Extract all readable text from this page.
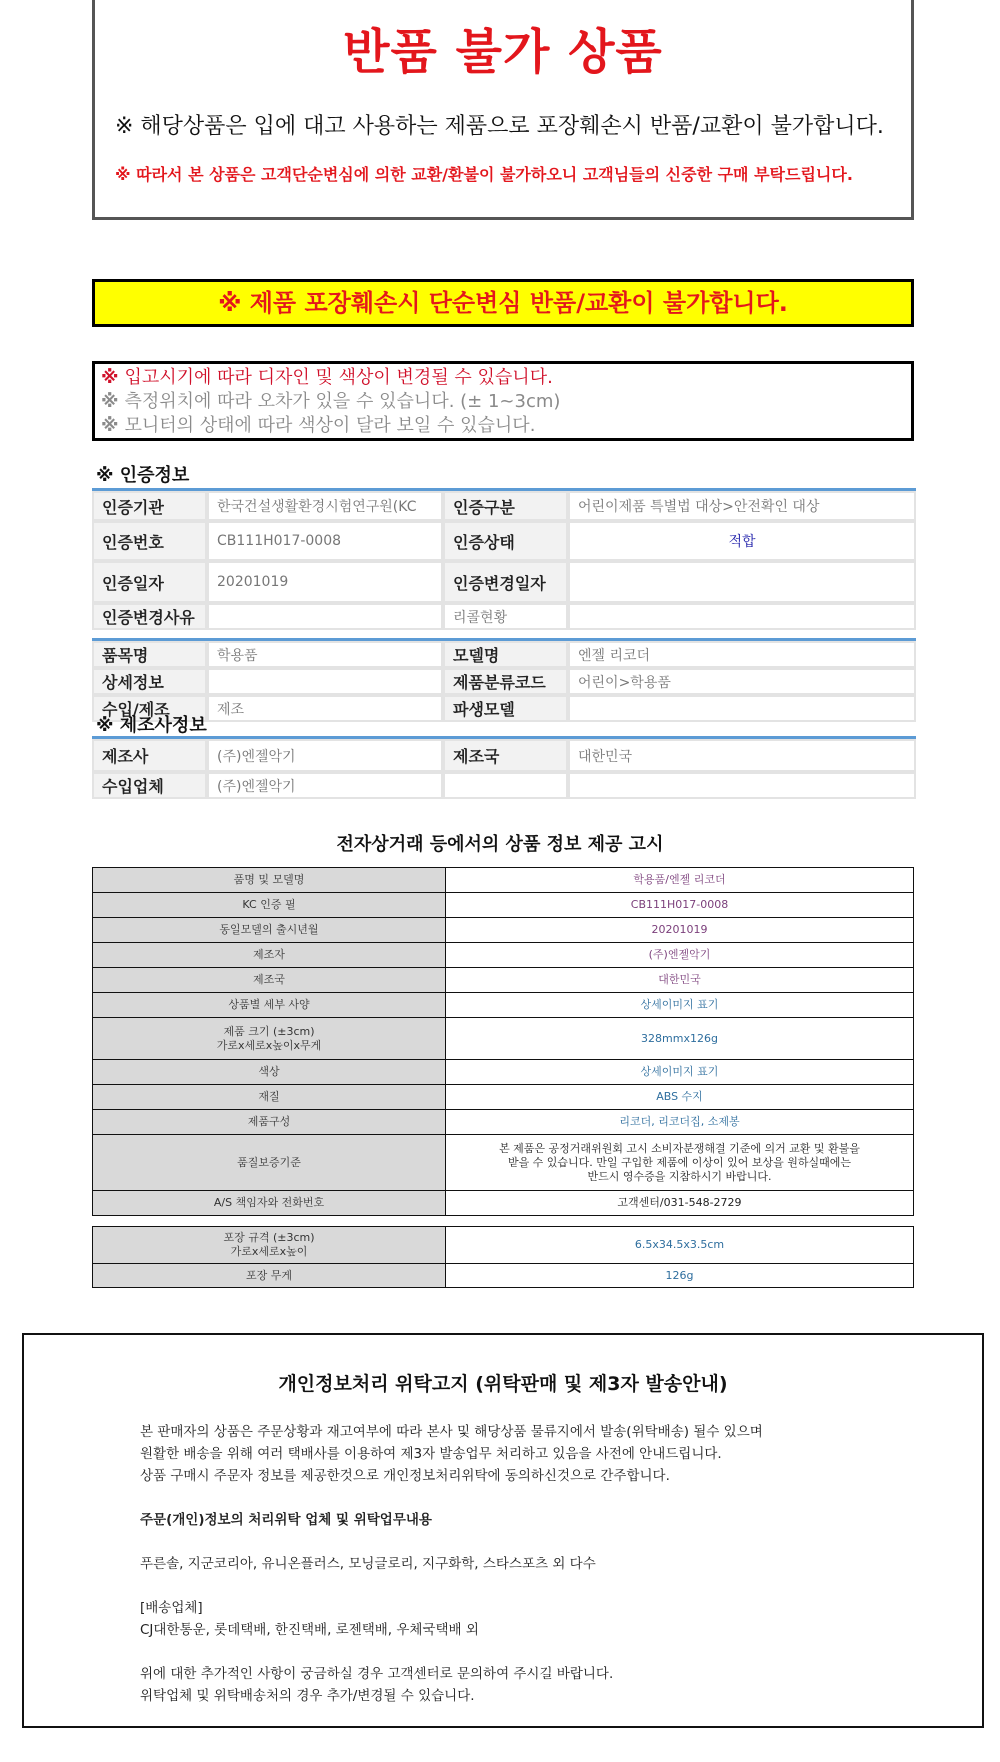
반품 불가 상품
※ 해당상품은 입에 대고 사용하는 제품으로 포장훼손시 반품/교환이 불가합니다.
※ 따라서 본 상품은 고객단순변심에 의한 교환/환불이 불가하오니 고객님들의 신중한 구매 부탁드립니다.
※ 제품 포장훼손시 단순변심 반품/교환이 불가합니다.
※ 입고시기에 따라 디자인 및 색상이 변경될 수 있습니다.
※ 측정위치에 따라 오차가 있을 수 있습니다. (± 1~3cm)
※ 모니터의 상태에 따라 색상이 달라 보일 수 있습니다.
※ 인증정보
인증기관	한국건설생활환경시험연구원(KC	인증구분	어린이제품 특별법 대상>안전확인 대상
인증번호	CB111H017-0008	인증상태	적합
인증일자	20201019	인증변경일자	
인증변경사유		리콜현황	
품목명	학용품	모델명	엔젤 리코더
상세정보		제품분류코드	어린이>학용품
수입/제조	제조	파생모델	
※ 제조사정보
제조사	(주)엔젤악기	제조국	대한민국
수입업체	(주)엔젤악기		
전자상거래 등에서의 상품 정보 제공 고시
품명 및 모델명	학용품/엔젤 리코더
KC 인증 필	CB111H017-0008
동일모델의 출시년월	20201019
제조자	(주)엔젤악기
제조국	대한민국
상품별 세부 사양	상세이미지 표기

제품 크기 (±3cm)
가로x세로x높이x무게	328mmx126g
색상	상세이미지 표기
재질	ABS 수지
제품구성	리코더, 리코더집, 소제봉
품질보증기준	본 제품은 공정거래위원회 고시 소비자분쟁해결 기준에 의거 교환 및 환불을
받을 수 있습니다. 만일 구입한 제품에 이상이 있어 보상을 원하실때에는
반드시 영수증을 지참하시기 바랍니다.

A/S 책임자와 전화번호	고객센터/031-548-2729
포장 규격 (±3cm)
가로x세로x높이	6.5x34.5x3.5cm
포장 무게	126g
개인정보처리 위탁고지 (위탁판매 및 제3자 발송안내)

본 판매자의 상품은 주문상황과 재고여부에 따라 본사 및 해당상품 물류지에서 발송(위탁배송) 될수 있으며

원활한 배송을 위해 여러 택배사를 이용하여 제3자 발송업무 처리하고 있음을 사전에 안내드립니다.

상품 구매시 주문자 정보를 제공한것으로 개인정보처리위탁에 동의하신것으로 간주합니다.

주문(개인)정보의 처리위탁 업체 및 위탁업무내용

푸른솔, 지군코리아, 유니온플러스, 모닝글로리, 지구화학, 스타스포츠 외 다수

[배송업체]

CJ대한통운, 롯데택배, 한진택배, 로젠택배, 우체국택배 외

위에 대한 추가적인 사항이 궁금하실 경우 고객센터로 문의하여 주시길 바랍니다.

위탁업체 및 위탁배송처의 경우 추가/변경될 수 있습니다.
